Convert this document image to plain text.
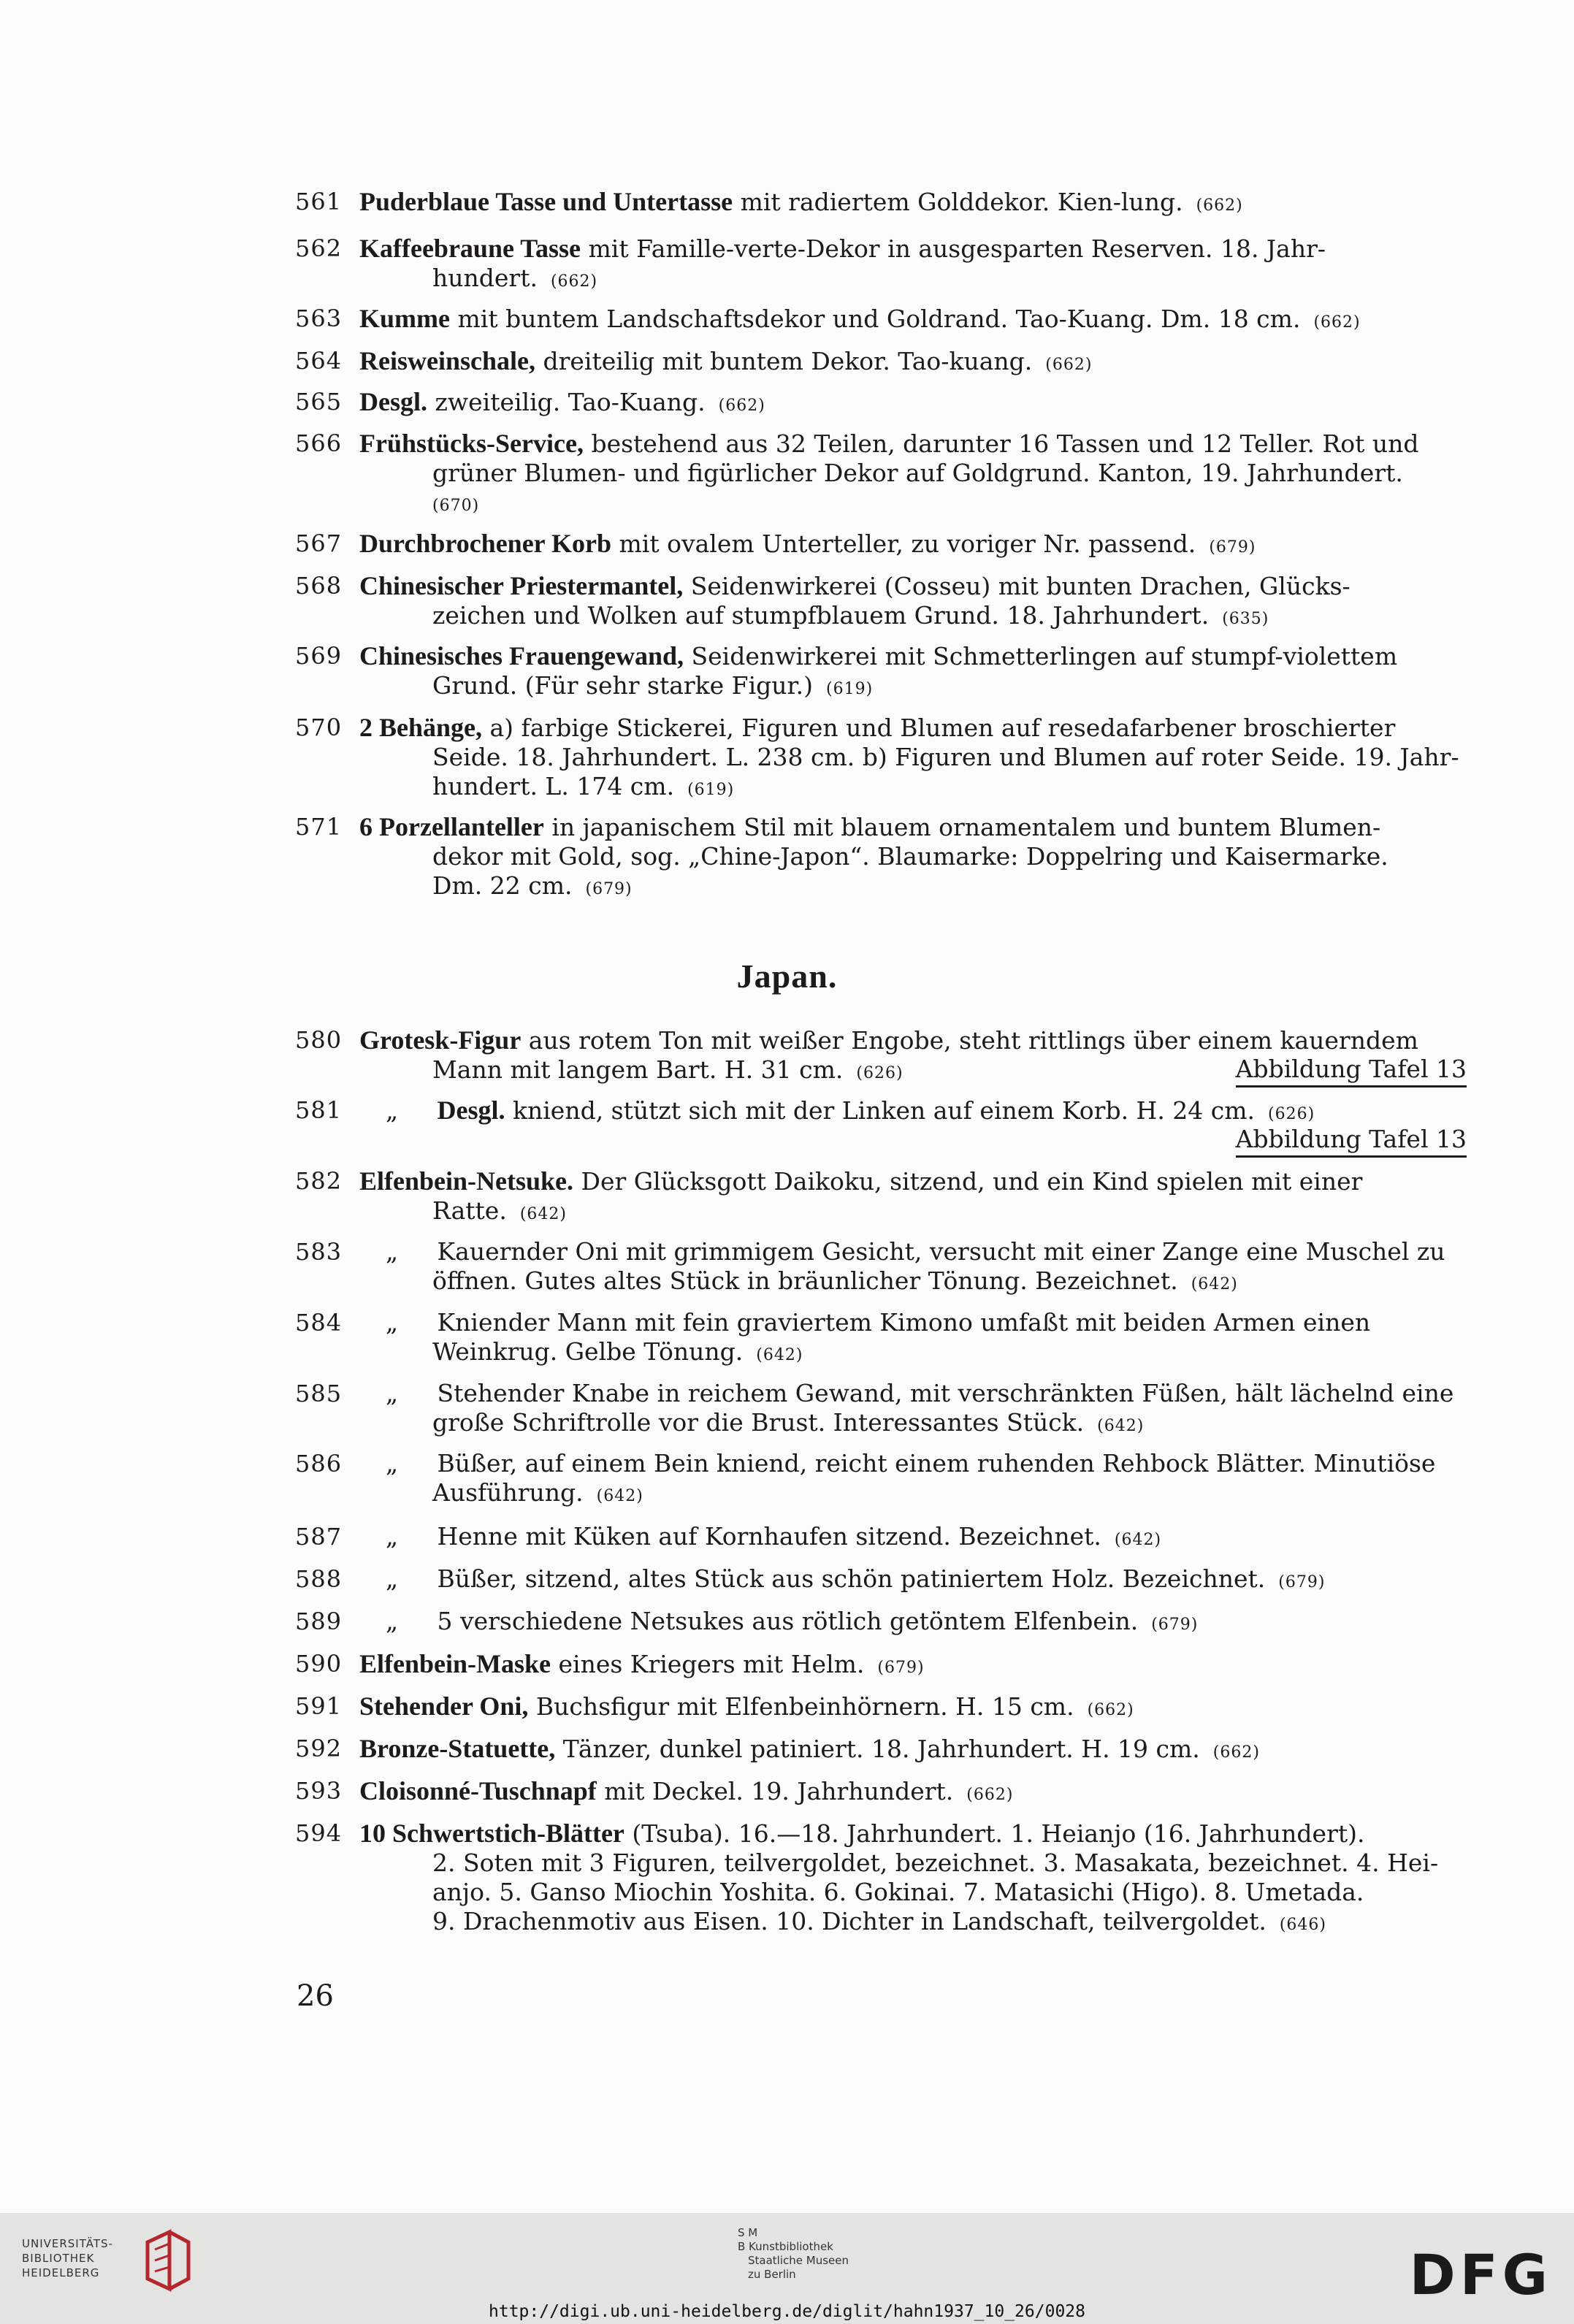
561 Puderblaue Tasse und Untertasse mit radiertem Golddekor. Kien-lung. (662)
562 Kaffeebraune Tasse mit Famille-verte-Dekor in ausgesparten Reserven. 18. Jahr-
hundert. (662)
563 Kumme mit buntem Landschaftsdekor und Goldrand. Tao-Kuang. Dm. 18 cm. (662)
564 Reisweinschale, dreiteilig mit buntem Dekor. Tao-kuang. (662)
565 Desgl. zweiteilig. Tao-Kuang. (662)
566 Frühstücks-Service, bestehend aus 32 Teilen, darunter 16 Tassen und 12 Teller. Rot und
grüner Blumen- und figürlicher Dekor auf Goldgrund. Kanton, 19. Jahrhundert.
(670)
567 Durchbrochener Korb mit ovalem Unterteller, zu voriger Nr. passend. (679)
568 Chinesischer Priestermantel, Seidenwirkerei (Cosseu) mit bunten Drachen, Glücks-
zeichen und Wolken auf stumpfblauem Grund. 18. Jahrhundert. (635)
569 Chinesisches Frauengewand, Seidenwirkerei mit Schmetterlingen auf stumpf-violettem
Grund. (Für sehr starke Figur.) (619)
570 2 Behänge, a) farbige Stickerei, Figuren und Blumen auf resedafarbener broschierter
Seide. 18. Jahrhundert. L. 238 cm. b) Figuren und Blumen auf roter Seide. 19. Jahr-
hundert. L. 174 cm. (619)
571 6 Porzellanteller in japanischem Stil mit blauem ornamentalem und buntem Blumen-
dekor mit Gold, sog. „Chine-Japon“. Blaumarke: Doppelring und Kaisermarke.
Dm. 22 cm. (679)
Japan.
580 Grotesk-Figur aus rotem Ton mit weißer Engobe, steht rittlings über einem kauerndem
Mann mit langem Bart. H. 31 cm. (626)	Abbildung Tafel 13
581	„ Desgl. kniend, stützt sich mit der Linken auf einem Korb. H. 24 cm. (626)
Abbildung Tafel 13
582 Elfenbein-Netsuke. Der Glücksgott Daikoku, sitzend, und ein Kind spielen mit einer
Ratte. (642)
583	„ Kauernder Oni mit grimmigem Gesicht, versucht mit einer Zange eine Muschel zu
öffnen. Gutes altes Stück in bräunlicher Tönung. Bezeichnet. (642)
584	„ Kniender Mann mit fein graviertem Kimono umfaßt mit beiden Armen einen
Weinkrug. Gelbe Tönung. (642)
585	„ Stehender Knabe in reichem Gewand, mit verschränkten Füßen, hält lächelnd eine
große Schriftrolle vor die Brust. Interessantes Stück. (642)
586	„ Büßer, auf einem Bein kniend, reicht einem ruhenden Rehbock Blätter. Minutiöse
Ausführung. (642)
587	„ Henne mit Küken auf Kornhaufen sitzend. Bezeichnet. (642)
588	„ Büßer, sitzend, altes Stück aus schön patiniertem Holz. Bezeichnet. (679)
589	„ 5 verschiedene Netsukes aus rötlich getöntem Elfenbein. (679)
590 Elfenbein-Maske eines Kriegers mit Helm. (679)
591 Stehender Oni, Buchsfigur mit Elfenbeinhörnern. H. 15 cm. (662)
592 Bronze-Statuette, Tänzer, dunkel patiniert. 18. Jahrhundert. H. 19 cm. (662)
593 Cloisonné-Tuschnapf mit Deckel. 19. Jahrhundert. (662)
594 10 Schwertstich-Blätter (Tsuba). 16.—18. Jahrhundert. 1. Heianjo (16. Jahrhundert).
2. Soten mit 3 Figuren, teilvergoldet, bezeichnet. 3. Masakata, bezeichnet. 4. Hei-
anjo. 5. Ganso Miochin Yoshita. 6. Gokinai. 7. Matasichi (Higo). 8. Umetada.
9. Drachenmotiv aus Eisen. 10. Dichter in Landschaft, teilvergoldet. (646)
26
UNIVERSITÄTS-
BIBLIOTHEK
HEIDELBERG
S M
B Kunstbibliothek
Staatliche Museen
zu Berlin	DFG
http://digi.ub.uni-heidelberg.de/diglit/hahn1937_10_26/0028
